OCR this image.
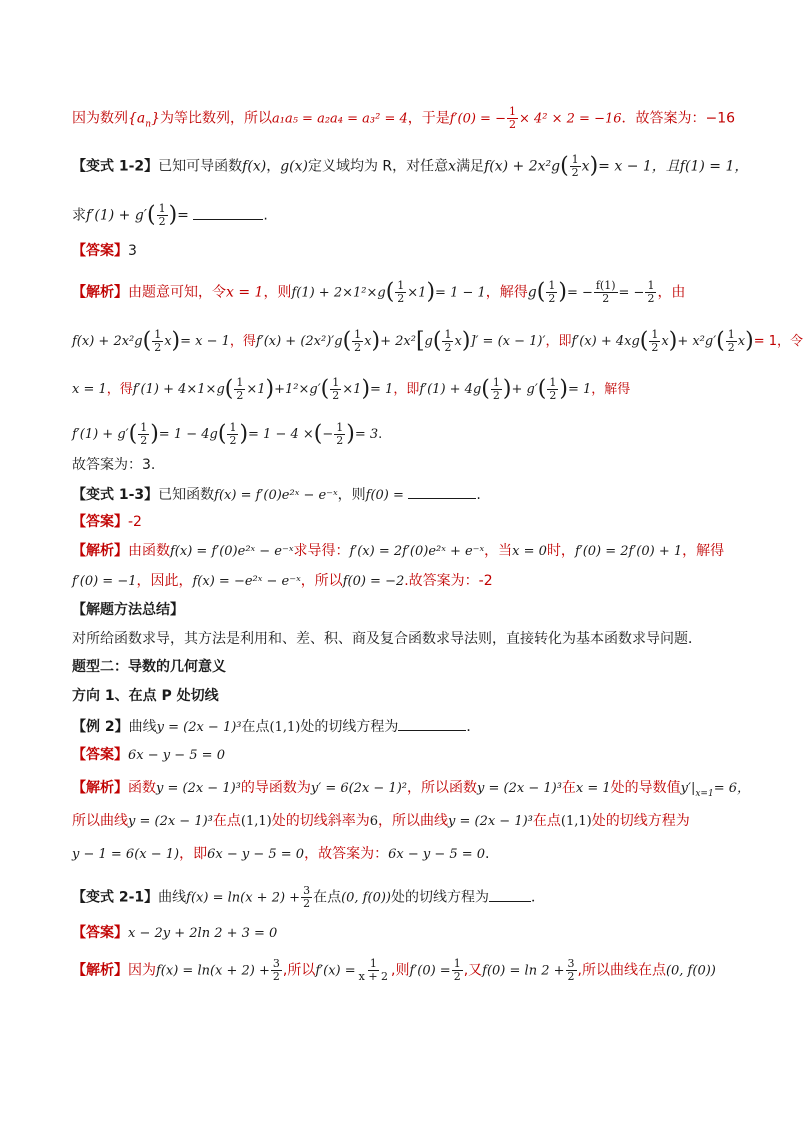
因为数列$\{a_n\}$为等比数列，所以a₁a₅ = a₂a₄ = a₃² = 4，于是f′(0) = − $\frac{1}{2} \times 4^2 \times 2 = -16$．故答案为：−16
【变式 1-2】已知可导函数f(x)，g(x)定义域均为 R，对任意x满足$f(x) + 2x^2g( \frac{1}{2} x)= x - 1$，且f(1) = 1，
求$f'(1) + g'( \frac{1}{2}$ )=	.
【答案】3
【解析】由题意可知，令x = 1，则$f(1) + 2\times 1^2\times g( \frac{1}{2} \times 1)= 1 - 1$，解得$g( \frac{1}{2}$ )= − $\frac{f(1)}{2}$ = − $\frac{1}{2}$ ，由
$f(x) + 2x^2g( \frac{1}{2} x)= x - 1$，得$f'(x) + (2x^2)'g( \frac{1}{2} x)+ 2x^2[g( \frac{1}{2} x)]' = (x - 1)'$，即$f'(x) + 4xg( \frac{1}{2} x)+ x^2g'( \frac{1}{2} x)= 1$，令
x = 1，得$f'(1) + 4\times 1\times g( \frac{1}{2} \times 1)+1^2\times g'( \frac{1}{2} \times 1)= 1$，即$f'(1) + 4g( \frac{1}{2}$ )+ $g'( \frac{1}{2}$ )= 1，解得
$f'(1) + g'( \frac{1}{2}$ )= $1 - 4g( \frac{1}{2}$ )= 1 − 4 ×(− $\frac{1}{2}$ )= 3.
故答案为：3.
【变式 1-3】已知函数f(x) = f′(0)e²ˣ − e⁻ˣ，则f(0) =	.
【答案】-2
【解析】由函数f(x) = f′(0)e²ˣ − e⁻ˣ求导得：f′(x) = 2f′(0)e²ˣ + e⁻ˣ，当x = 0时，f′(0) = 2f′(0) + 1，解得
f′(0) = −1，因此，f(x) = −e²ˣ − e⁻ˣ，所以f(0) = −2.故答案为：-2
【解题方法总结】
对所给函数求导，其方法是利用和、差、积、商及复合函数求导法则，直接转化为基本函数求导问题．
题型二：导数的几何意义
方向 1、在点 P 处切线
【例 2】曲线y = (2x − 1)³在点(1,1)处的切线方程为	．
【答案】6x − y − 5 = 0
【解析】函数y = (2x − 1)³的导函数为y′ = 6(2x − 1)²，所以函数y = (2x − 1)³在x = 1处的导数值$y'|_{x=1}= 6$，
所以曲线y = (2x − 1)³在点(1,1)处的切线斜率为6，所以曲线y = (2x − 1)³在点(1,1)处的切线方程为
y − 1 = 6(x − 1)，即6x − y − 5 = 0，故答案为：6x − y − 5 = 0.
【变式 2-1】曲线$f(x) = \ln(x + 2) + \frac{3}{2}$ 在点(0, f(0))处的切线方程为	．
【答案】x − 2y + 2ln 2 + 3 = 0
【解析】因为$f(x) = \ln(x + 2) + \frac{3}{2}$ ,所以$f'(x) = \frac{1}{x + 2}$ ,则$f'(0) = \frac{1}{2}$ ,又$f(0) = \ln 2 + \frac{3}{2}$ ,所以曲线在点(0, f(0))
